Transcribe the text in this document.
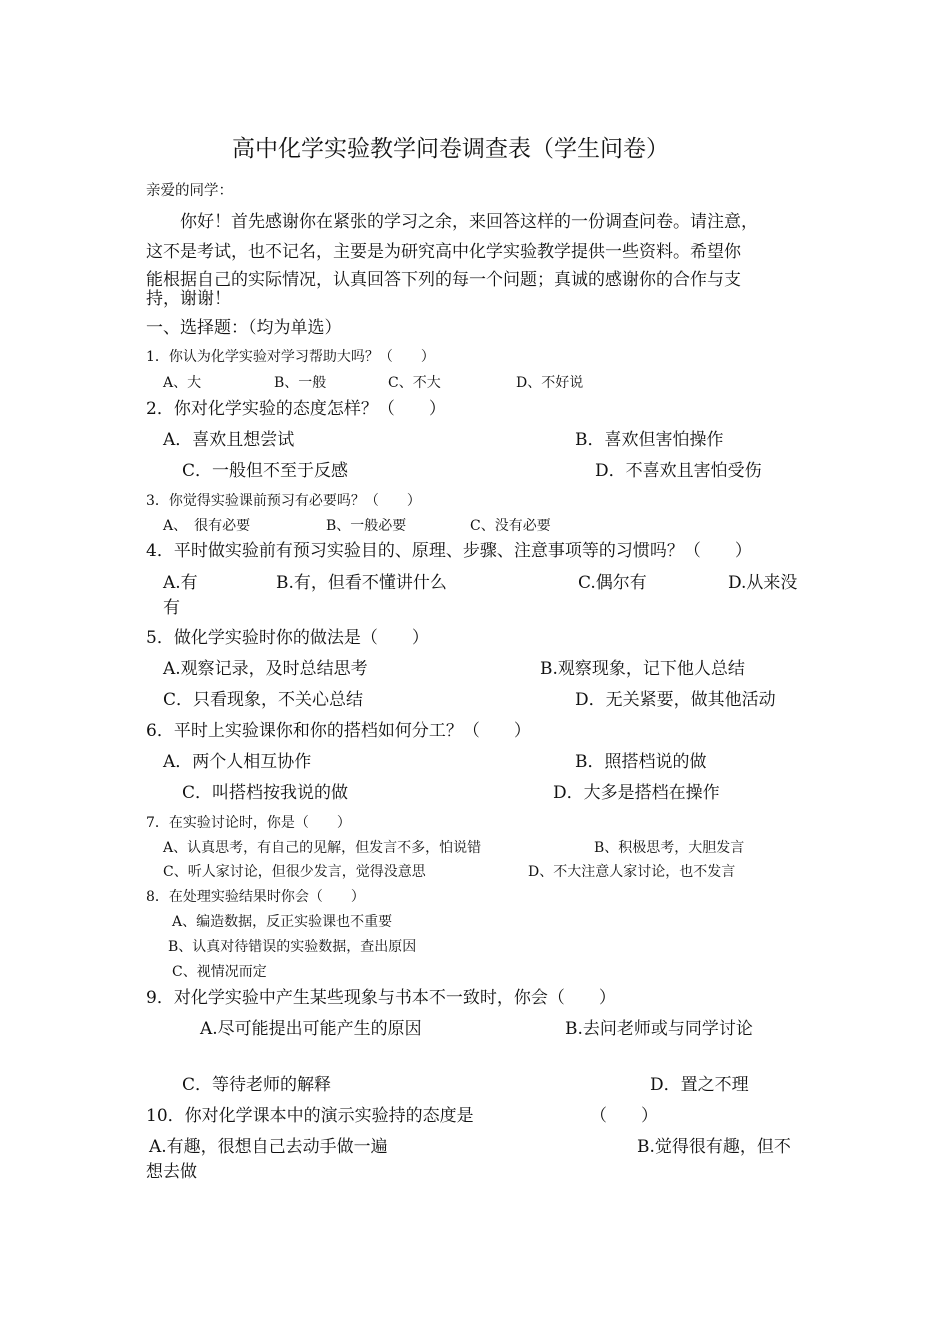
高中化学实验教学问卷调查表（学生问卷）
亲爱的同学：
你好！首先感谢你在紧张的学习之余，来回答这样的一份调查问卷。请注意，
这不是考试，也不记名，主要是为研究高中化学实验教学提供一些资料。希望你
能根据自己的实际情况，认真回答下列的每一个问题；真诚的感谢你的合作与支
持，谢谢！
一、选择题：（均为单选）
1．你认为化学实验对学习帮助大吗？（　　）
A、大	B、一般	C、不大	D、不好说
2．你对化学实验的态度怎样？（　　）
A．喜欢且想尝试	B．喜欢但害怕操作
C．一般但不至于反感	D．不喜欢且害怕受伤
3．你觉得实验课前预习有必要吗？（　　）
A、　很有必要	B、一般必要	C、没有必要
4．平时做实验前有预习实验目的、原理、步骤、注意事项等的习惯吗？（　　）
A.有	B.有，但看不懂讲什么	C.偶尔有	D.从来没
有
5．做化学实验时你的做法是（　　）
A.观察记录，及时总结思考	B.观察现象，记下他人总结
C．只看现象，不关心总结	D．无关紧要，做其他活动
6．平时上实验课你和你的搭档如何分工？（　　）
A．两个人相互协作	B．照搭档说的做
C．叫搭档按我说的做	D．大多是搭档在操作
7．在实验讨论时，你是（　　）
A、认真思考，有自己的见解，但发言不多，怕说错	B、积极思考，大胆发言
C、听人家讨论，但很少发言，觉得没意思	D、不大注意人家讨论，也不发言
8．在处理实验结果时你会（　　）
A、编造数据，反正实验课也不重要
B、认真对待错误的实验数据，查出原因
C、视情况而定
9．对化学实验中产生某些现象与书本不一致时，你会（　　）
A.尽可能提出可能产生的原因	B.去问老师或与同学讨论
C．等待老师的解释	D．置之不理
10．你对化学课本中的演示实验持的态度是	（　　）
A.有趣，很想自己去动手做一遍	B.觉得很有趣，但不
想去做
